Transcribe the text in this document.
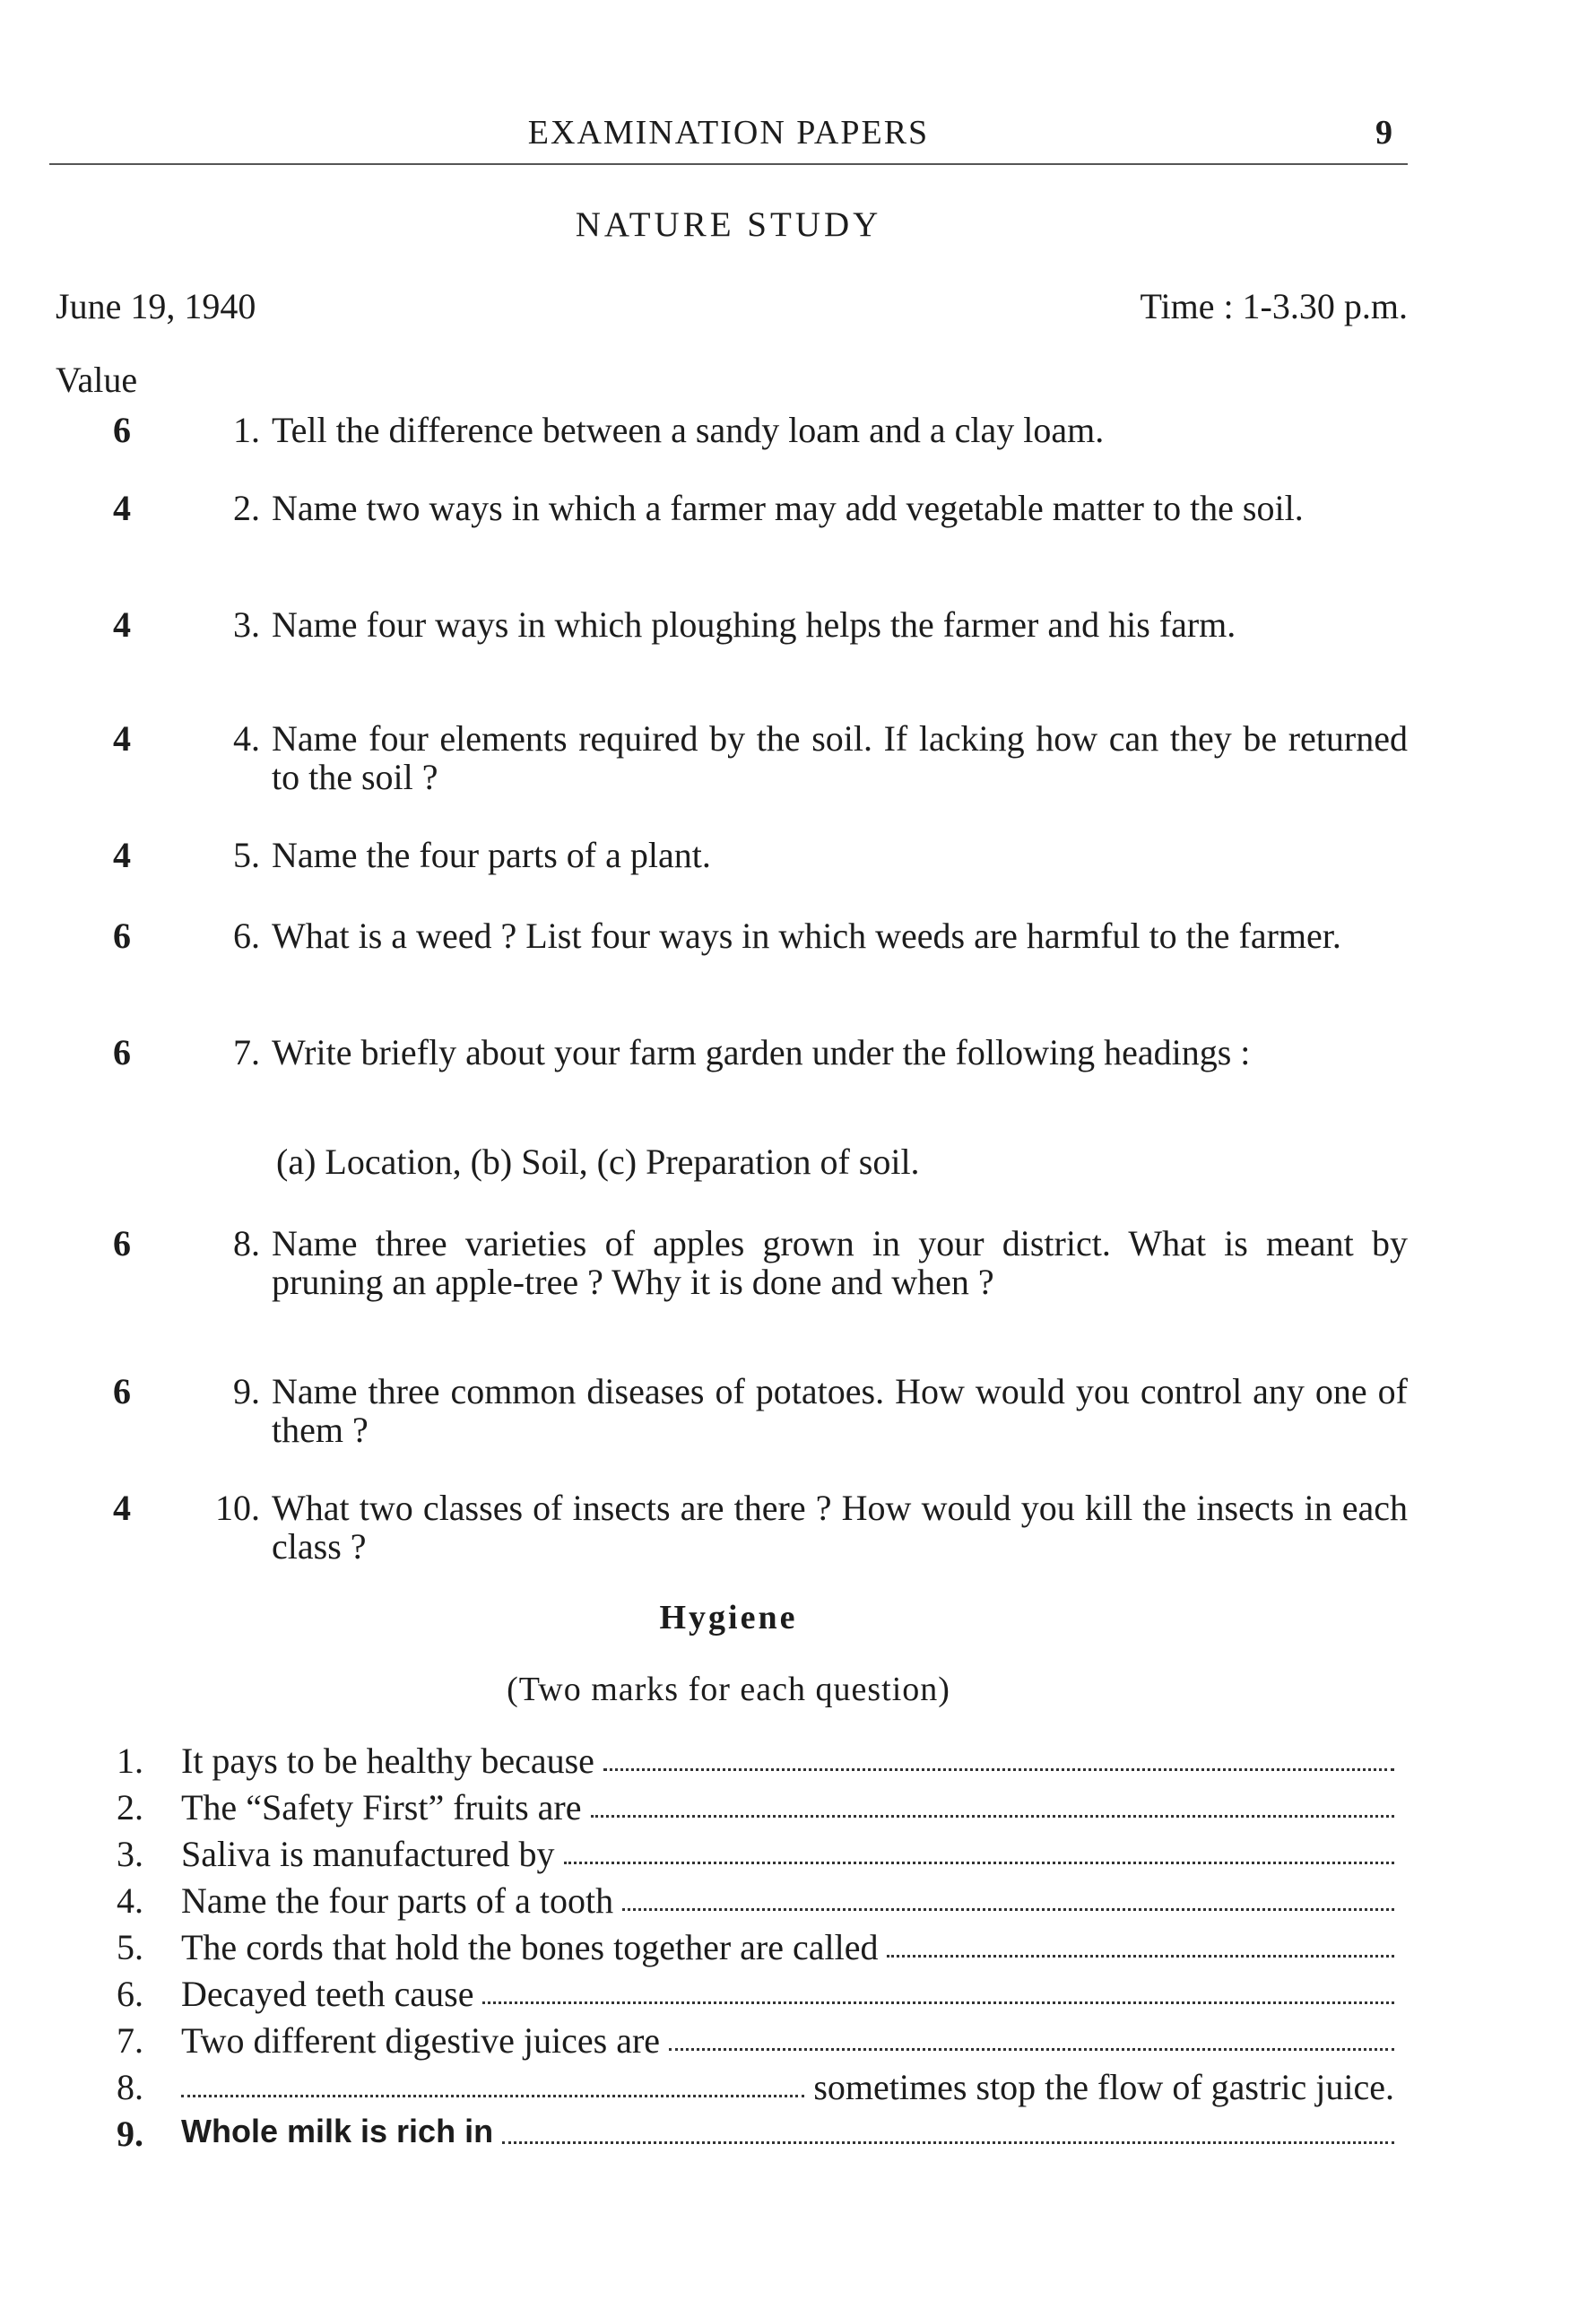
EXAMINATION PAPERS	9
NATURE STUDY
June 19, 1940	Time : 1-3.30 p.m.
Value
6	1. Tell the difference between a sandy loam and a clay loam.
4	2. Name two ways in which a farmer may add vegetable matter to the soil.
4	3. Name four ways in which ploughing helps the farmer and his farm.
4	4. Name four elements required by the soil. If lacking how can they be returned to the soil ?
4	5. Name the four parts of a plant.
6	6. What is a weed ? List four ways in which weeds are harmful to the farmer.
6	7. Write briefly about your farm garden under the following headings :
(a) Location, (b) Soil, (c) Preparation of soil.
6	8. Name three varieties of apples grown in your district. What is meant by pruning an apple-tree ? Why it is done and when ?
6	9. Name three common diseases of potatoes. How would you control any one of them ?
4	10. What two classes of insects are there ? How would you kill the insects in each class ?
Hygiene
(Two marks for each question)
1. It pays to be healthy because
2. The “Safety First” fruits are
3. Saliva is manufactured by
4. Name the four parts of a tooth
5. The cords that hold the bones together are called
6. Decayed teeth cause
7. Two different digestive juices are
8.	sometimes stop the flow of gastric juice.
9. Whole milk is rich in
